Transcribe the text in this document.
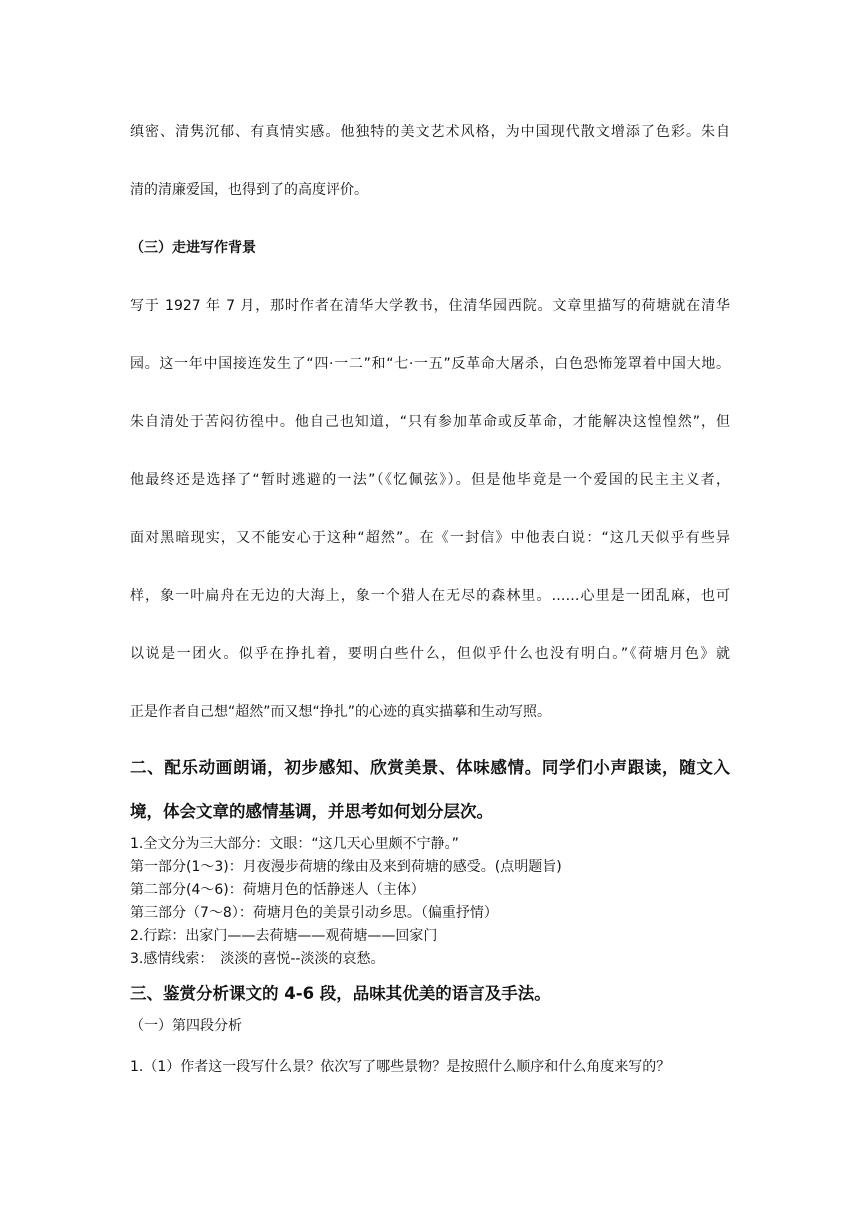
缜密、清隽沉郁、有真情实感。他独特的美文艺术风格，为中国现代散文增添了色彩。朱自
清的清廉爱国，也得到了的高度评价。
（三）走进写作背景
写于 1927 年 7 月，那时作者在清华大学教书，住清华园西院。文章里描写的荷塘就在清华
园。这一年中国接连发生了“四·一二”和“七·一五”反革命大屠杀，白色恐怖笼罩着中国大地。
朱自清处于苦闷彷徨中。他自己也知道，“只有参加革命或反革命，才能解决这惶惶然”，但
他最终还是选择了“暂时逃避的一法”（《忆佩弦》）。但是他毕竟是一个爱国的民主主义者，
面对黑暗现实，又不能安心于这种“超然”。在《一封信》中他表白说：“这几天似乎有些异
样，象一叶扁舟在无边的大海上，象一个猎人在无尽的森林里。……心里是一团乱麻，也可
以说是一团火。似乎在挣扎着，要明白些什么，但似乎什么也没有明白。”《荷塘月色》就
正是作者自己想“超然”而又想“挣扎”的心迹的真实描摹和生动写照。
二、配乐动画朗诵，初步感知、欣赏美景、体味感情。同学们小声跟读，随文入
境，体会文章的感情基调，并思考如何划分层次。
1.全文分为三大部分：文眼：“这几天心里颇不宁静。”
第一部分(1～3)：月夜漫步荷塘的缘由及来到荷塘的感受。(点明题旨)
第二部分(4～6)：荷塘月色的恬静迷人（主体）
第三部分（7～8）：荷塘月色的美景引动乡思。（偏重抒情）
2.行踪：出家门——去荷塘——观荷塘——回家门
3.感情线索：　淡淡的喜悦--淡淡的哀愁。
三、鉴赏分析课文的 4-6 段，品味其优美的语言及手法。
（一）第四段分析
1.（1）作者这一段写什么景？依次写了哪些景物？是按照什么顺序和什么角度来写的？
